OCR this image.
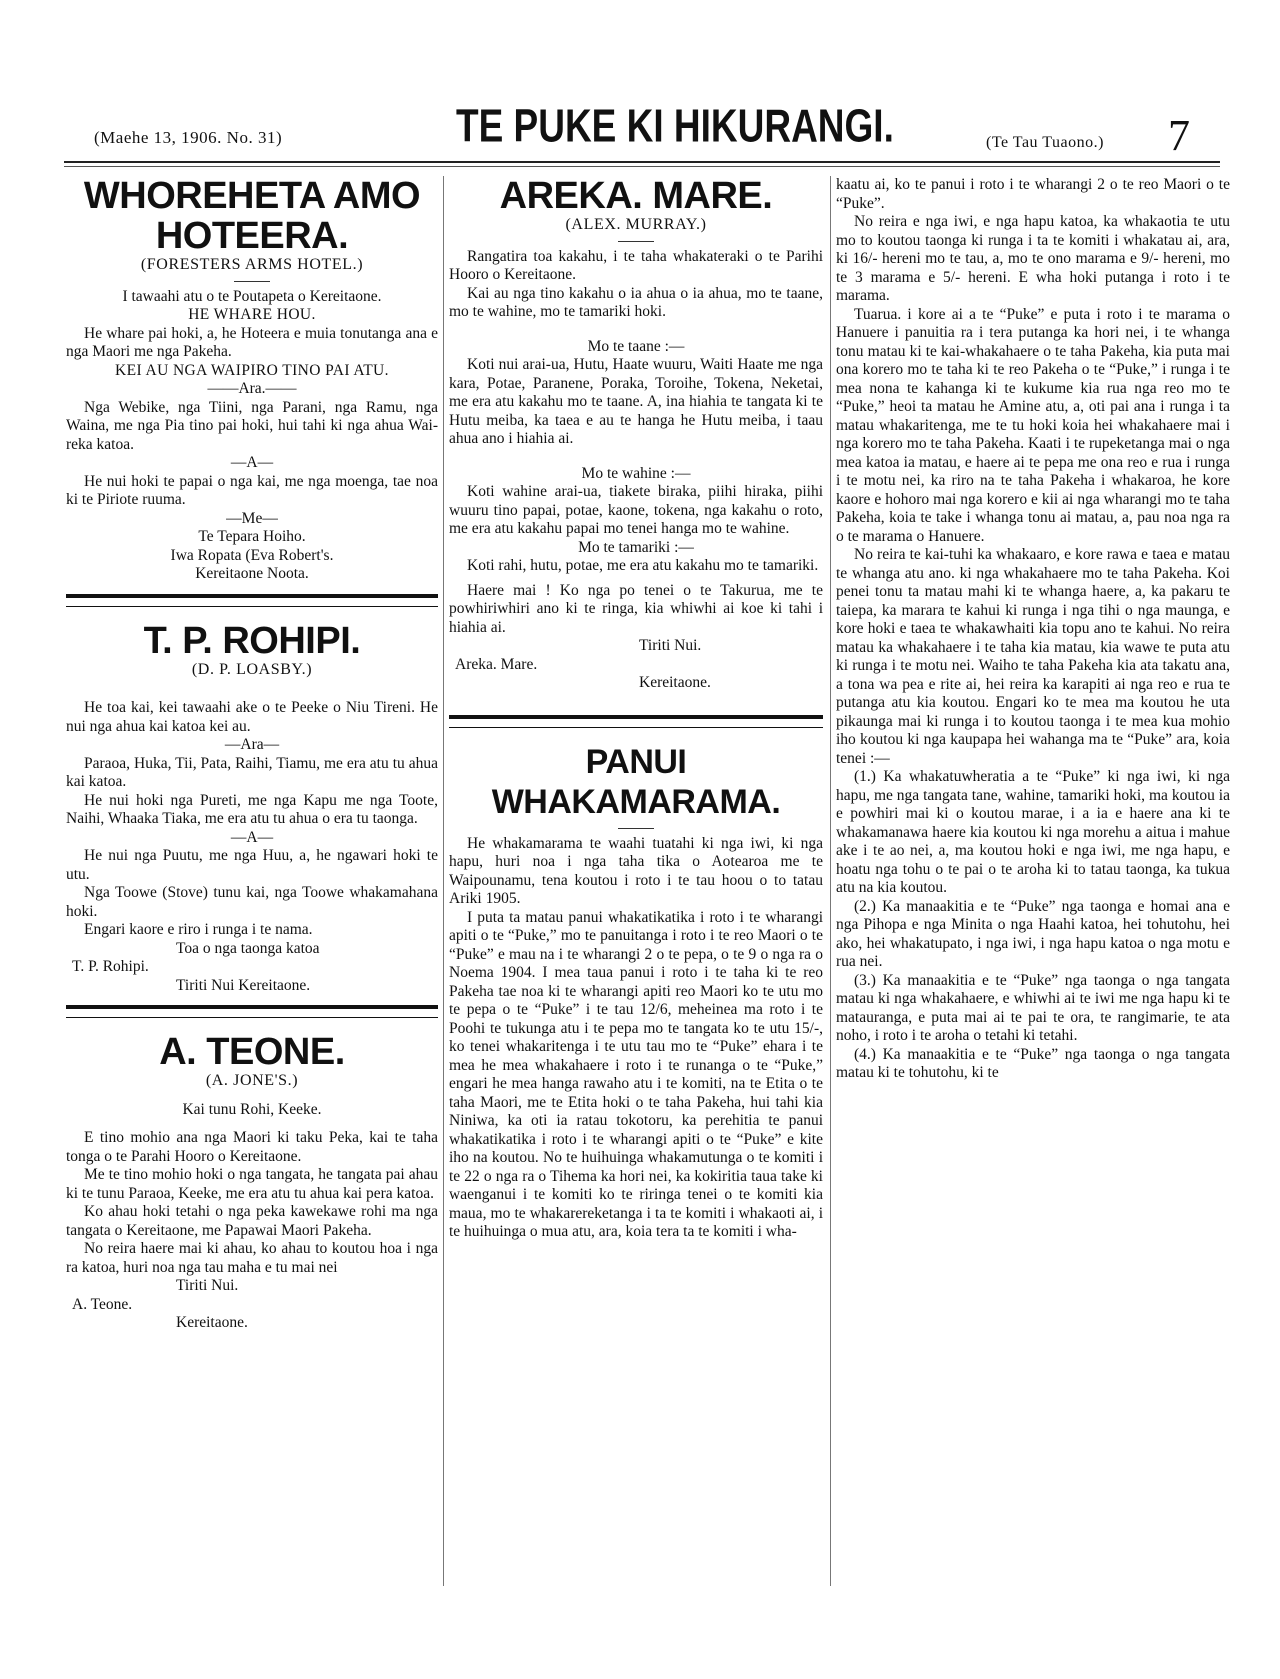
(Maehe 13, 1906. No. 31)	TE PUKE KI HIKURANGI.	(Te Tau Tuaono.) 7
WHOREHETA AMO HOTEERA.

(FORESTERS ARMS HOTEL.)

I tawaahi atu o te Poutapeta o Kereitaone.

HE WHARE HOU.

He whare pai hoki, a, he Hoteera e muia tonutanga ana e nga Maori me nga Pakeha.

KEI AU NGA WAIPIRO TINO PAI ATU.

——Ara.——

Nga Webike, nga Tiini, nga Parani, nga Ramu, nga Waina, me nga Pia tino pai hoki, hui tahi ki nga ahua Wai-reka katoa.

—A—

He nui hoki te papai o nga kai, me nga moenga, tae noa ki te Piriote ruuma.

—Me—

Te Tepara Hoiho.

Iwa Ropata (Eva Robert's.

Kereitaone Noota.

T. P. ROHIPI.

(D. P. LOASBY.)

He toa kai, kei tawaahi ake o te Peeke o Niu Tireni. He nui nga ahua kai katoa kei au.

—Ara—

Paraoa, Huka, Tii, Pata, Raihi, Tiamu, me era atu tu ahua kai katoa.

He nui hoki nga Pureti, me nga Kapu me nga Toote, Naihi, Whaaka Tiaka, me era atu tu ahua o era tu taonga.

—A—

He nui nga Puutu, me nga Huu, a, he ngawari hoki te utu.

Nga Toowe (Stove) tunu kai, nga Toowe whakamahana hoki.

Engari kaore e riro i runga i te nama.

Toa o nga taonga katoa

T. P. Rohipi.

Tiriti Nui Kereitaone.

A. TEONE.

(A. JONE'S.)

Kai tunu Rohi, Keeke.

E tino mohio ana nga Maori ki taku Peka, kai te taha tonga o te Parahi Hooro o Kereitaone.

Me te tino mohio hoki o nga tangata, he tangata pai ahau ki te tunu Paraoa, Keeke, me era atu tu ahua kai pera katoa.

Ko ahau hoki tetahi o nga peka kawekawe rohi ma nga tangata o Kereitaone, me Papawai Maori Pakeha.

No reira haere mai ki ahau, ko ahau to koutou hoa i nga ra katoa, huri noa nga tau maha e tu mai nei

Tiriti Nui.

A. Teone.

Kereitaone.

AREKA. MARE.

(ALEX. MURRAY.)

Rangatira toa kakahu, i te taha whakateraki o te Parihi Hooro o Kereitaone.

Kai au nga tino kakahu o ia ahua o ia ahua, mo te taane, mo te wahine, mo te tamariki hoki.

Mo te taane :—

Koti nui arai-ua, Hutu, Haate wuuru, Waiti Haate me nga kara, Potae, Paranene, Poraka, Toroihe, Tokena, Neketai, me era atu kakahu mo te taane. A, ina hiahia te tangata ki te Hutu meiba, ka taea e au te hanga he Hutu meiba, i taau ahua ano i hiahia ai.

Mo te wahine :—

Koti wahine arai-ua, tiakete biraka, piihi hiraka, piihi wuuru tino papai, potae, kaone, tokena, nga kakahu o roto, me era atu kakahu papai mo tenei hanga mo te wahine.

Mo te tamariki :—

Koti rahi, hutu, potae, me era atu kakahu mo te tamariki.

Haere mai ! Ko nga po tenei o te Takurua, me te powhiriwhiri ano ki te ringa, kia whiwhi ai koe ki tahi i hiahia ai.

Tiriti Nui.

Areka. Mare.

Kereitaone.

PANUI WHAKAMARAMA.

He whakamarama te waahi tuatahi ki nga iwi, ki nga hapu, huri noa i nga taha tika o Aotearoa me te Waipounamu, tena koutou i roto i te tau hoou o to tatau Ariki 1905.

I puta ta matau panui whakatikatika i roto i te wharangi apiti o te “Puke,” mo te panuitanga i roto i te reo Maori o te “Puke” e mau na i te wharangi 2 o te pepa, o te 9 o nga ra o Noema 1904. I mea taua panui i roto i te taha ki te reo Pakeha tae noa ki te wharangi apiti reo Maori ko te utu mo te pepa o te “Puke” i te tau 12/6, meheinea ma roto i te Poohi te tukunga atu i te pepa mo te tangata ko te utu 15/-, ko tenei whakaritenga i te utu tau mo te “Puke” ehara i te mea he mea whakahaere i roto i te runanga o te “Puke,” engari he mea hanga rawaho atu i te komiti, na te Etita o te taha Maori, me te Etita hoki o te taha Pakeha, hui tahi kia Niniwa, ka oti ia ratau tokotoru, ka perehitia te panui whakatikatika i roto i te wharangi apiti o te “Puke” e kite iho na koutou. No te huihuinga whakamutunga o te komiti i te 22 o nga ra o Tihema ka hori nei, ka kokiritia taua take ki waenganui i te komiti ko te riringa tenei o te komiti kia maua, mo te whakarereketanga i ta te komiti i whakaoti ai, i te huihuinga o mua atu, ara, koia tera ta te komiti i wha-

kaatu ai, ko te panui i roto i te wharangi 2 o te reo Maori o te “Puke”.

No reira e nga iwi, e nga hapu katoa, ka whakaotia te utu mo to koutou taonga ki runga i ta te komiti i whakatau ai, ara, ki 16/- hereni mo te tau, a, mo te ono marama e 9/- hereni, mo te 3 marama e 5/- hereni. E wha hoki putanga i roto i te marama.

Tuarua. i kore ai a te “Puke” e puta i roto i te marama o Hanuere i panuitia ra i tera putanga ka hori nei, i te whanga tonu matau ki te kai-whakahaere o te taha Pakeha, kia puta mai ona korero mo te taha ki te reo Pakeha o te “Puke,” i runga i te mea nona te kahanga ki te kukume kia rua nga reo mo te “Puke,” heoi ta matau he Amine atu, a, oti pai ana i runga i ta matau whakaritenga, me te tu hoki koia hei whakahaere mai i nga korero mo te taha Pakeha. Kaati i te rupeketanga mai o nga mea katoa ia matau, e haere ai te pepa me ona reo e rua i runga i te motu nei, ka riro na te taha Pakeha i whakaroa, he kore kaore e hohoro mai nga korero e kii ai nga wharangi mo te taha Pakeha, koia te take i whanga tonu ai matau, a, pau noa nga ra o te marama o Hanuere.

No reira te kai-tuhi ka whakaaro, e kore rawa e taea e matau te whanga atu ano. ki nga whakahaere mo te taha Pakeha. Koi penei tonu ta matau mahi ki te whanga haere, a, ka pakaru te taiepa, ka marara te kahui ki runga i nga tihi o nga maunga, e kore hoki e taea te whakawhaiti kia topu ano te kahui. No reira matau ka whakahaere i te taha kia matau, kia wawe te puta atu ki runga i te motu nei. Waiho te taha Pakeha kia ata takatu ana, a tona wa pea e rite ai, hei reira ka karapiti ai nga reo e rua te putanga atu kia koutou. Engari ko te mea ma koutou he uta pikaunga mai ki runga i to koutou taonga i te mea kua mohio iho koutou ki nga kaupapa hei wahanga ma te “Puke” ara, koia tenei :—

(1.) Ka whakatuwheratia a te “Puke” ki nga iwi, ki nga hapu, me nga tangata tane, wahine, tamariki hoki, ma koutou ia e powhiri mai ki o koutou marae, i a ia e haere ana ki te whakamanawa haere kia koutou ki nga morehu a aitua i mahue ake i te ao nei, a, ma koutou hoki e nga iwi, me nga hapu, e hoatu nga tohu o te pai o te aroha ki to tatau taonga, ka tukua atu na kia koutou.

(2.) Ka manaakitia e te “Puke” nga taonga e homai ana e nga Pihopa e nga Minita o nga Haahi katoa, hei tohutohu, hei ako, hei whakatupato, i nga iwi, i nga hapu katoa o nga motu e rua nei.

(3.) Ka manaakitia e te “Puke” nga taonga o nga tangata matau ki nga whakahaere, e whiwhi ai te iwi me nga hapu ki te matauranga, e puta mai ai te pai te ora, te rangimarie, te ata noho, i roto i te aroha o tetahi ki tetahi.

(4.) Ka manaakitia e te “Puke” nga taonga o nga tangata matau ki te tohutohu, ki te
